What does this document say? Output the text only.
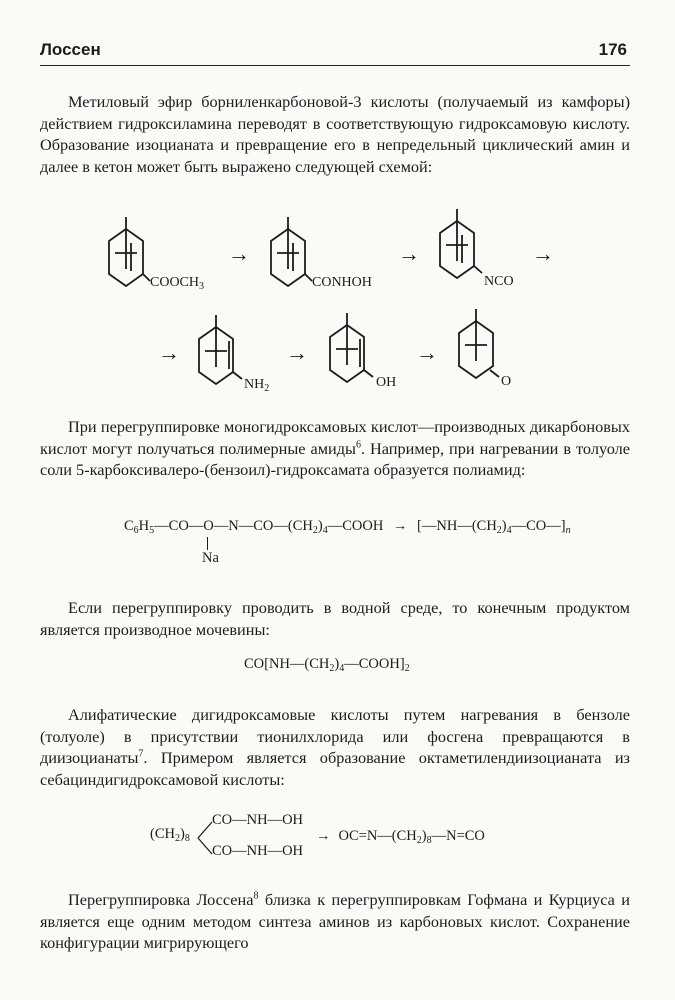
Лоссен	176

Метиловый эфир борниленкарбоновой-3 кислоты (получаемый из камфоры) действием гидроксиламина переводят в соответствующую гидроксамовую кислоту. Образование изоцианата и превращение его в непредельный циклический амин и далее в кетон может быть выражено следующей схемой:

$COOCH_3$
→
CONHOH
→
NCO
→
→
$NH_2$
→
OH
→
O

При перегруппировке моногидроксамовых кислот—производных дикарбоновых кислот могут получаться полимерные амиды$^6$. Например, при нагревании в толуоле соли 5-карбоксивалеро-(бензоил)-гидроксамата образуется полиамид:

$C_6H_5—CO—O—N—CO—(CH_2)_4—COOH$ → $[—NH—(CH_2)_4—CO—]_n$
Na

Если перегруппировку проводить в водной среде, то конечным продуктом является производное мочевины:

$CO[NH—(CH_2)_4—COOH]_2$

Алифатические дигидроксамовые кислоты путем нагревания в бензоле (толуоле) в присутствии тионилхлорида или фосгена превращаются в диизоцианаты$^7$. Примером является образование октаметилендиизоцианата из себациндигидроксамовой кислоты:

$(CH_2)_8$
CO—NH—OH
CO—NH—OH
→ $OC=N—(CH_2)_8—N=CO$

Перегруппировка Лоссена$^8$ близка к перегруппировкам Гофмана и Курциуса и является еще одним методом синтеза аминов из карбоновых кислот. Сохранение конфигурации мигрирующего
